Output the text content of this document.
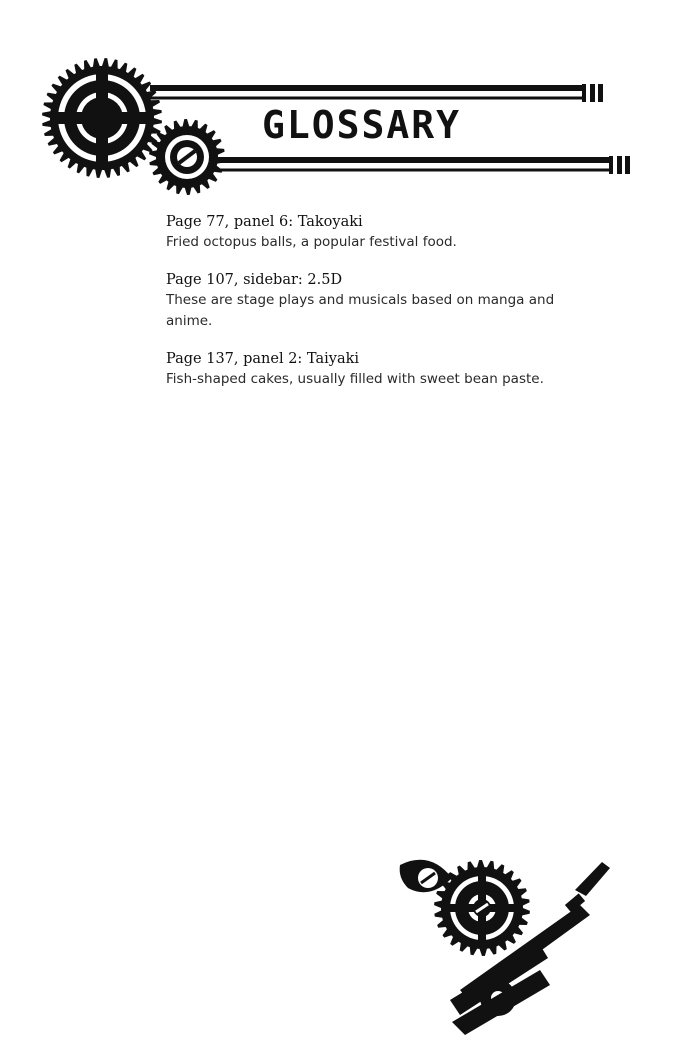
GLOSSARY
Page 77, panel 6: Takoyaki
Fried octopus balls, a popular festival food.
Page 107, sidebar: 2.5D
These are stage plays and musicals based on manga and anime.
Page 137, panel 2: Taiyaki
Fish-shaped cakes, usually filled with sweet bean paste.
